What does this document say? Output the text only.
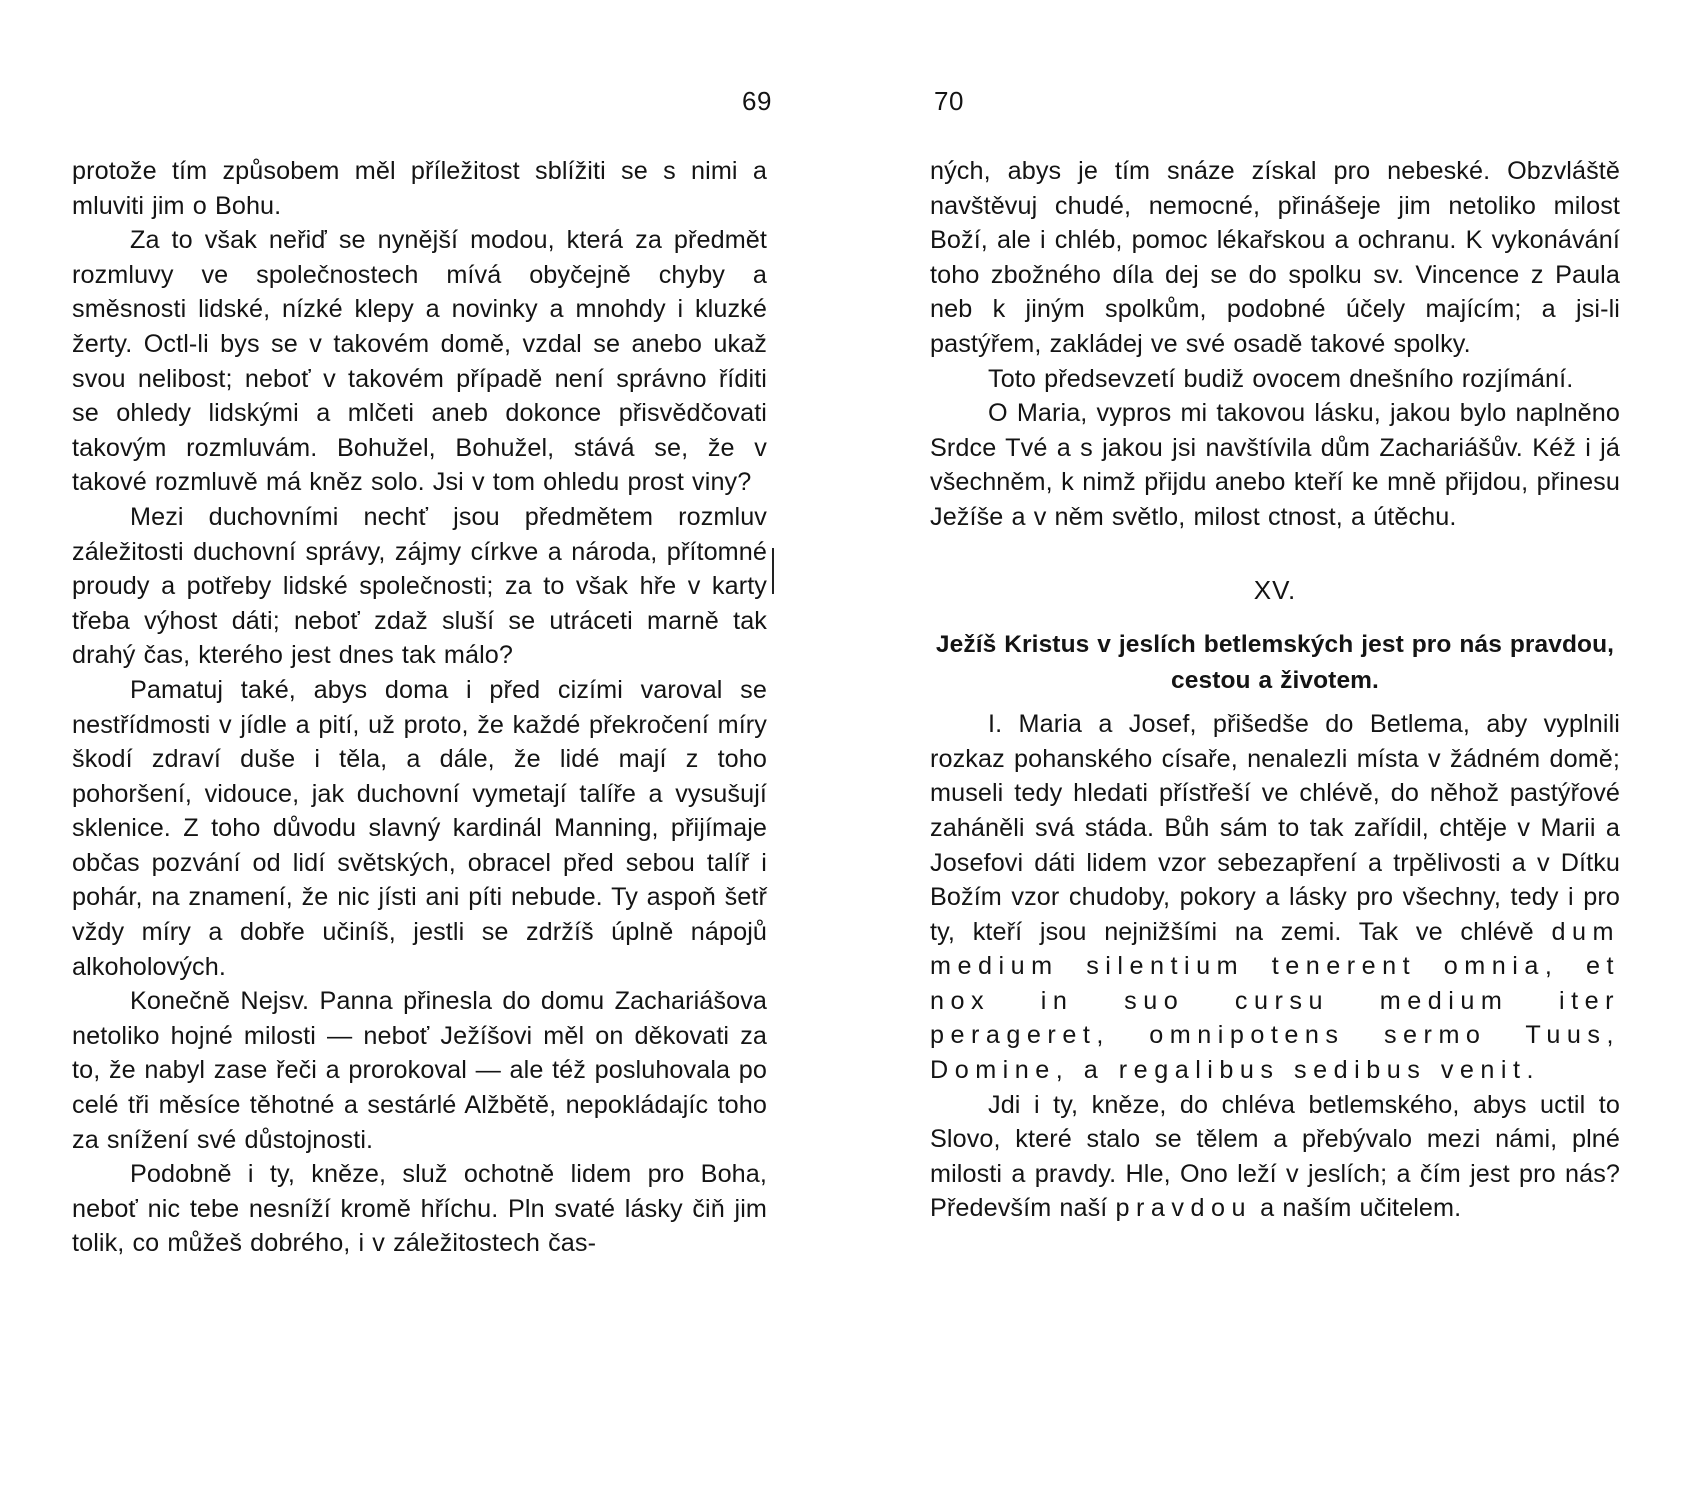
69

protože tím způsobem měl příležitost sblížiti se s nimi a mluviti jim o Bohu.

Za to však neřiď se nynější modou, která za předmět rozmluvy ve společnostech mívá obyčejně chyby a směsnosti lidské, nízké klepy a novinky a mnohdy i kluzké žerty. Octl-li bys se v takovém domě, vzdal se anebo ukaž svou nelibost; neboť v takovém případě není správno říditi se ohledy lidskými a mlčeti aneb dokonce přisvědčovati takovým rozmluvám. Bohužel, Bohužel, stává se, že v takové rozmluvě má kněz solo. Jsi v tom ohledu prost viny?

Mezi duchovními nechť jsou předmětem rozmluv záležitosti duchovní správy, zájmy církve a národa, přítomné proudy a potřeby lidské společnosti; za to však hře v karty třeba výhost dáti; neboť zdaž sluší se utráceti marně tak drahý čas, kterého jest dnes tak málo?

Pamatuj také, abys doma i před cizími varoval se nestřídmosti v jídle a pití, už proto, že každé překročení míry škodí zdraví duše i těla, a dále, že lidé mají z toho pohoršení, vidouce, jak duchovní vymetají talíře a vysušují sklenice. Z toho důvodu slavný kardinál Manning, přijímaje občas pozvání od lidí světských, obracel před sebou talíř i pohár, na znamení, že nic jísti ani píti nebude. Ty aspoň šetř vždy míry a dobře učiníš, jestli se zdržíš úplně nápojů alkoholových.

Konečně Nejsv. Panna přinesla do domu Zachariášova netoliko hojné milosti — neboť Ježíšovi měl on děkovati za to, že nabyl zase řeči a prorokoval — ale též posluhovala po celé tři měsíce těhotné a sestárlé Alžbětě, nepokládajíc toho za snížení své důstojnosti.

Podobně i ty, kněze, služ ochotně lidem pro Boha, neboť nic tebe nesníží kromě hříchu. Pln svaté lásky čiň jim tolik, co můžeš dobrého, i v záležitostech čas-

70

ných, abys je tím snáze získal pro nebeské. Obzvláště navštěvuj chudé, nemocné, přinášeje jim netoliko milost Boží, ale i chléb, pomoc lékařskou a ochranu. K vykonávání toho zbožného díla dej se do spolku sv. Vincence z Paula neb k jiným spolkům, podobné účely majícím; a jsi-li pastýřem, zakládej ve své osadě takové spolky.

Toto předsevzetí budiž ovocem dnešního rozjímání.

O Maria, vypros mi takovou lásku, jakou bylo naplněno Srdce Tvé a s jakou jsi navštívila dům Zachariášův. Kéž i já všechněm, k nimž přijdu anebo kteří ke mně přijdou, přinesu Ježíše a v něm světlo, milost ctnost, a útěchu.

XV.
Ježíš Kristus v jeslích betlemských jest pro nás pravdou, cestou a životem.

I. Maria a Josef, přišedše do Betlema, aby vyplnili rozkaz pohanského císaře, nenalezli místa v žádném domě; museli tedy hledati přístřeší ve chlévě, do něhož pastýřové zaháněli svá stáda. Bůh sám to tak zařídil, chtěje v Marii a Josefovi dáti lidem vzor sebezapření a trpělivosti a v Dítku Božím vzor chudoby, pokory a lásky pro všechny, tedy i pro ty, kteří jsou nejnižšími na zemi. Tak ve chlévě dum medium silentium tenerent omnia, et nox in suo cursu medium iter perageret, omnipotens sermo Tuus, Domine, a regalibus sedibus venit.

Jdi i ty, kněze, do chléva betlemského, abys uctil to Slovo, které stalo se tělem a přebývalo mezi námi, plné milosti a pravdy. Hle, Ono leží v jeslích; a čím jest pro nás? Především naší pravdou a naším učitelem.
